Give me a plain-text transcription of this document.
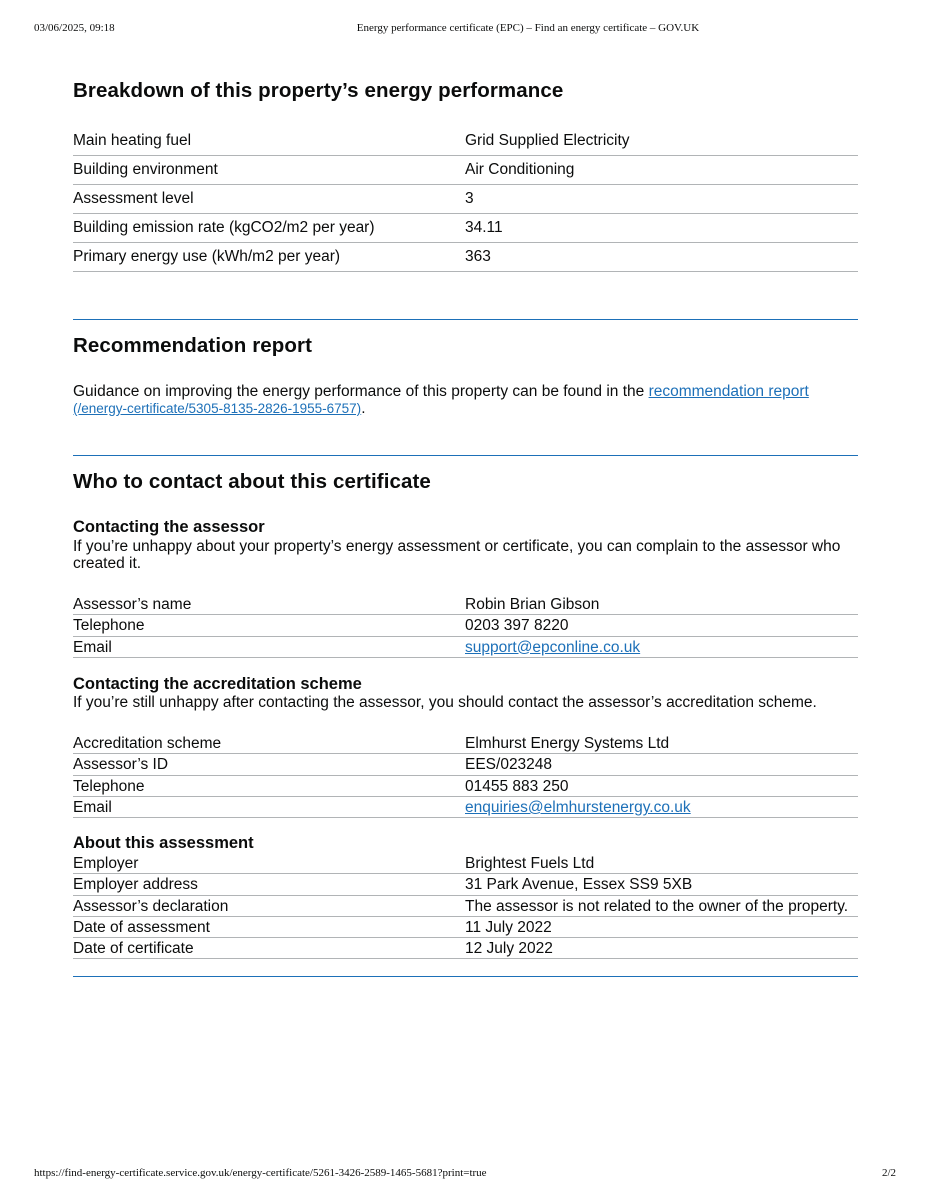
03/06/2025, 09:18	Energy performance certificate (EPC) – Find an energy certificate – GOV.UK
Breakdown of this property’s energy performance
Main heating fuel	Grid Supplied Electricity
Building environment	Air Conditioning
Assessment level	3
Building emission rate (kgCO2/m2 per year)	34.11
Primary energy use (kWh/m2 per year)	363
Recommendation report

Guidance on improving the energy performance of this property can be found in the recommendation report
(/energy-certificate/5305-8135-2826-1955-6757).

Who to contact about this certificate
Contacting the assessor

If you’re unhappy about your property’s energy assessment or certificate, you can complain to the assessor who created it.

Assessor’s name	Robin Brian Gibson
Telephone	0203 397 8220
Email	support@epconline.co.uk
Contacting the accreditation scheme

If you’re still unhappy after contacting the assessor, you should contact the assessor’s accreditation scheme.

Accreditation scheme	Elmhurst Energy Systems Ltd
Assessor’s ID	EES/023248
Telephone	01455 883 250
Email	enquiries@elmhurstenergy.co.uk
About this assessment
Employer	Brightest Fuels Ltd
Employer address	31 Park Avenue, Essex SS9 5XB
Assessor’s declaration	The assessor is not related to the owner of the property.
Date of assessment	11 July 2022
Date of certificate	12 July 2022
https://find-energy-certificate.service.gov.uk/energy-certificate/5261-3426-2589-1465-5681?print=true	2/2
